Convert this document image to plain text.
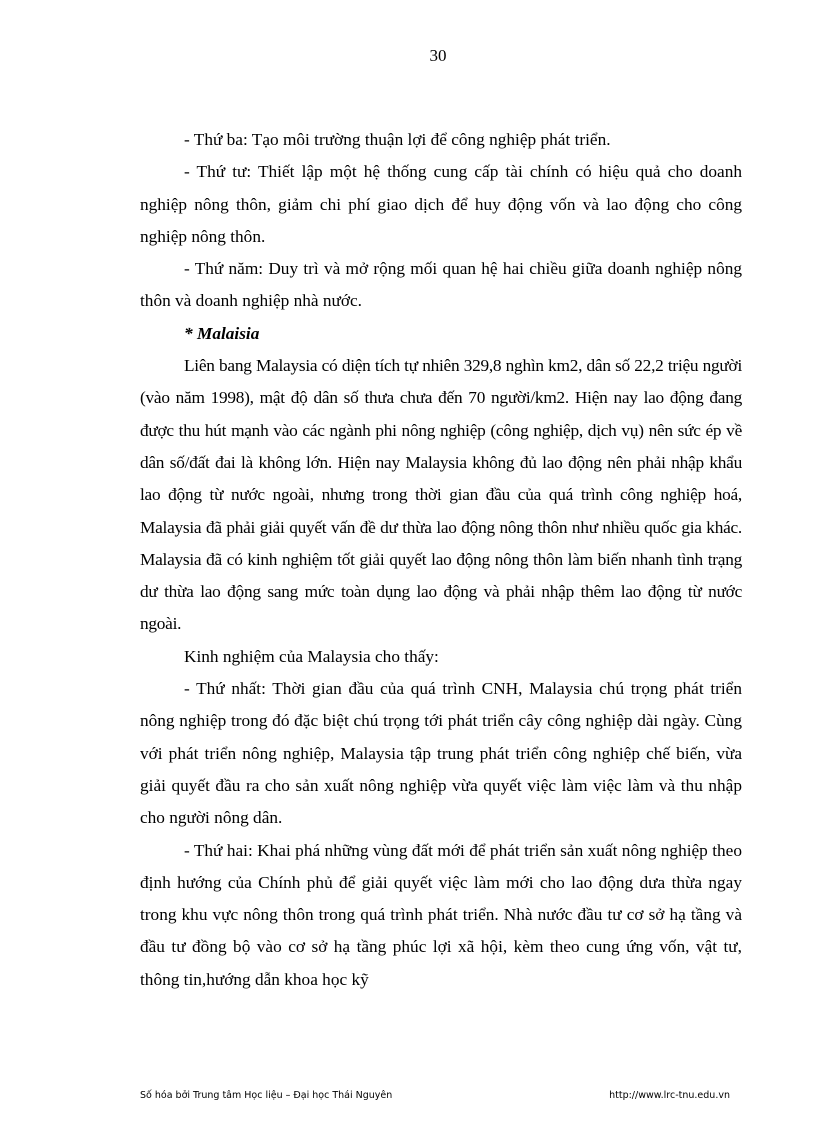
30

- Thứ ba: Tạo môi trường thuận lợi để công nghiệp phát triển.

- Thứ tư: Thiết lập một hệ thống cung cấp tài chính có hiệu quả cho doanh nghiệp nông thôn, giảm chi phí giao dịch để huy động vốn và lao động cho công nghiệp nông thôn.

- Thứ năm: Duy trì và mở rộng mối quan hệ hai chiều giữa doanh nghiệp nông thôn và doanh nghiệp nhà nước.

* Malaisia

Liên bang Malaysia có diện tích tự nhiên 329,8 nghìn km2, dân số 22,2 triệu người (vào năm 1998), mật độ dân số thưa chưa đến 70 người/km2. Hiện nay lao động đang được thu hút mạnh vào các ngành phi nông nghiệp (công nghiệp, dịch vụ) nên sức ép về dân số/đất đai là không lớn. Hiện nay Malaysia không đủ lao động nên phải nhập khẩu lao động từ nước ngoài, nhưng trong thời gian đầu của quá trình công nghiệp hoá, Malaysia đã phải giải quyết vấn đề dư thừa lao động nông thôn như nhiều quốc gia khác. Malaysia đã có kinh nghiệm tốt giải quyết lao động nông thôn làm biến nhanh tình trạng dư thừa lao động sang mức toàn dụng lao động và phải nhập thêm lao động từ nước ngoài.

Kinh nghiệm của Malaysia cho thấy:

- Thứ nhất: Thời gian đầu của quá trình CNH, Malaysia chú trọng phát triển nông nghiệp trong đó đặc biệt chú trọng tới phát triển cây công nghiệp dài ngày. Cùng với phát triển nông nghiệp, Malaysia tập trung phát triển công nghiệp chế biến, vừa giải quyết đầu ra cho sản xuất nông nghiệp vừa quyết việc làm việc làm và thu nhập cho người nông dân.

- Thứ hai: Khai phá những vùng đất mới để phát triển sản xuất nông nghiệp theo định hướng của Chính phủ để giải quyết việc làm mới cho lao động dưa thừa ngay trong khu vực nông thôn trong quá trình phát triển. Nhà nước đầu tư cơ sở hạ tầng và đầu tư đồng bộ vào cơ sở hạ tầng phúc lợi xã hội, kèm theo cung ứng vốn, vật tư, thông tin,hướng dẫn khoa học kỹ

Số hóa bởi Trung tâm Học liệu – Đại học Thái Nguyên	http://www.lrc-tnu.edu.vn
